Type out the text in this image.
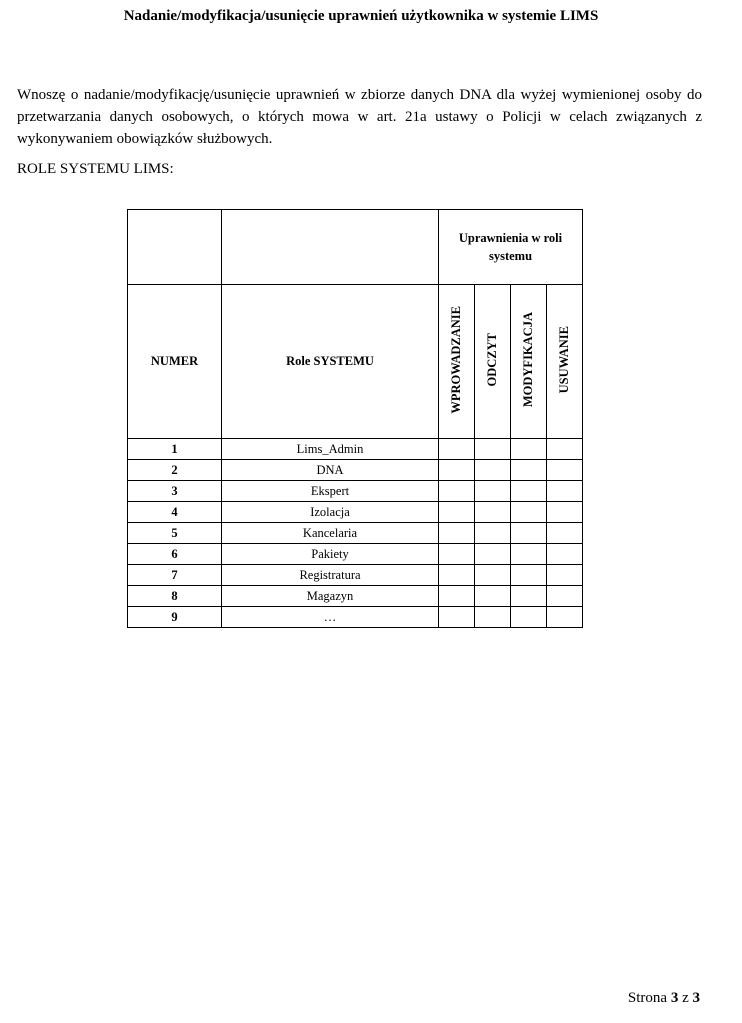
Nadanie/modyfikacja/usunięcie uprawnień użytkownika w systemie LIMS
Wnoszę o nadanie/modyfikację/usunięcie uprawnień w zbiorze danych DNA dla wyżej wymienionej osoby do przetwarzania danych osobowych, o których mowa w art. 21a ustawy o Policji w celach związanych z wykonywaniem obowiązków służbowych.
ROLE SYSTEMU LIMS:
		Uprawnienia w roli systemu			
NUMER	Role SYSTEMU	WPROWADZANIE	ODCZYT	MODYFIKACJA	USUWANIE
1	Lims_Admin				
2	DNA				
3	Ekspert				
4	Izolacja				
5	Kancelaria				
6	Pakiety				
7	Registratura				
8	Magazyn				
9	…				
Strona 3 z 3
